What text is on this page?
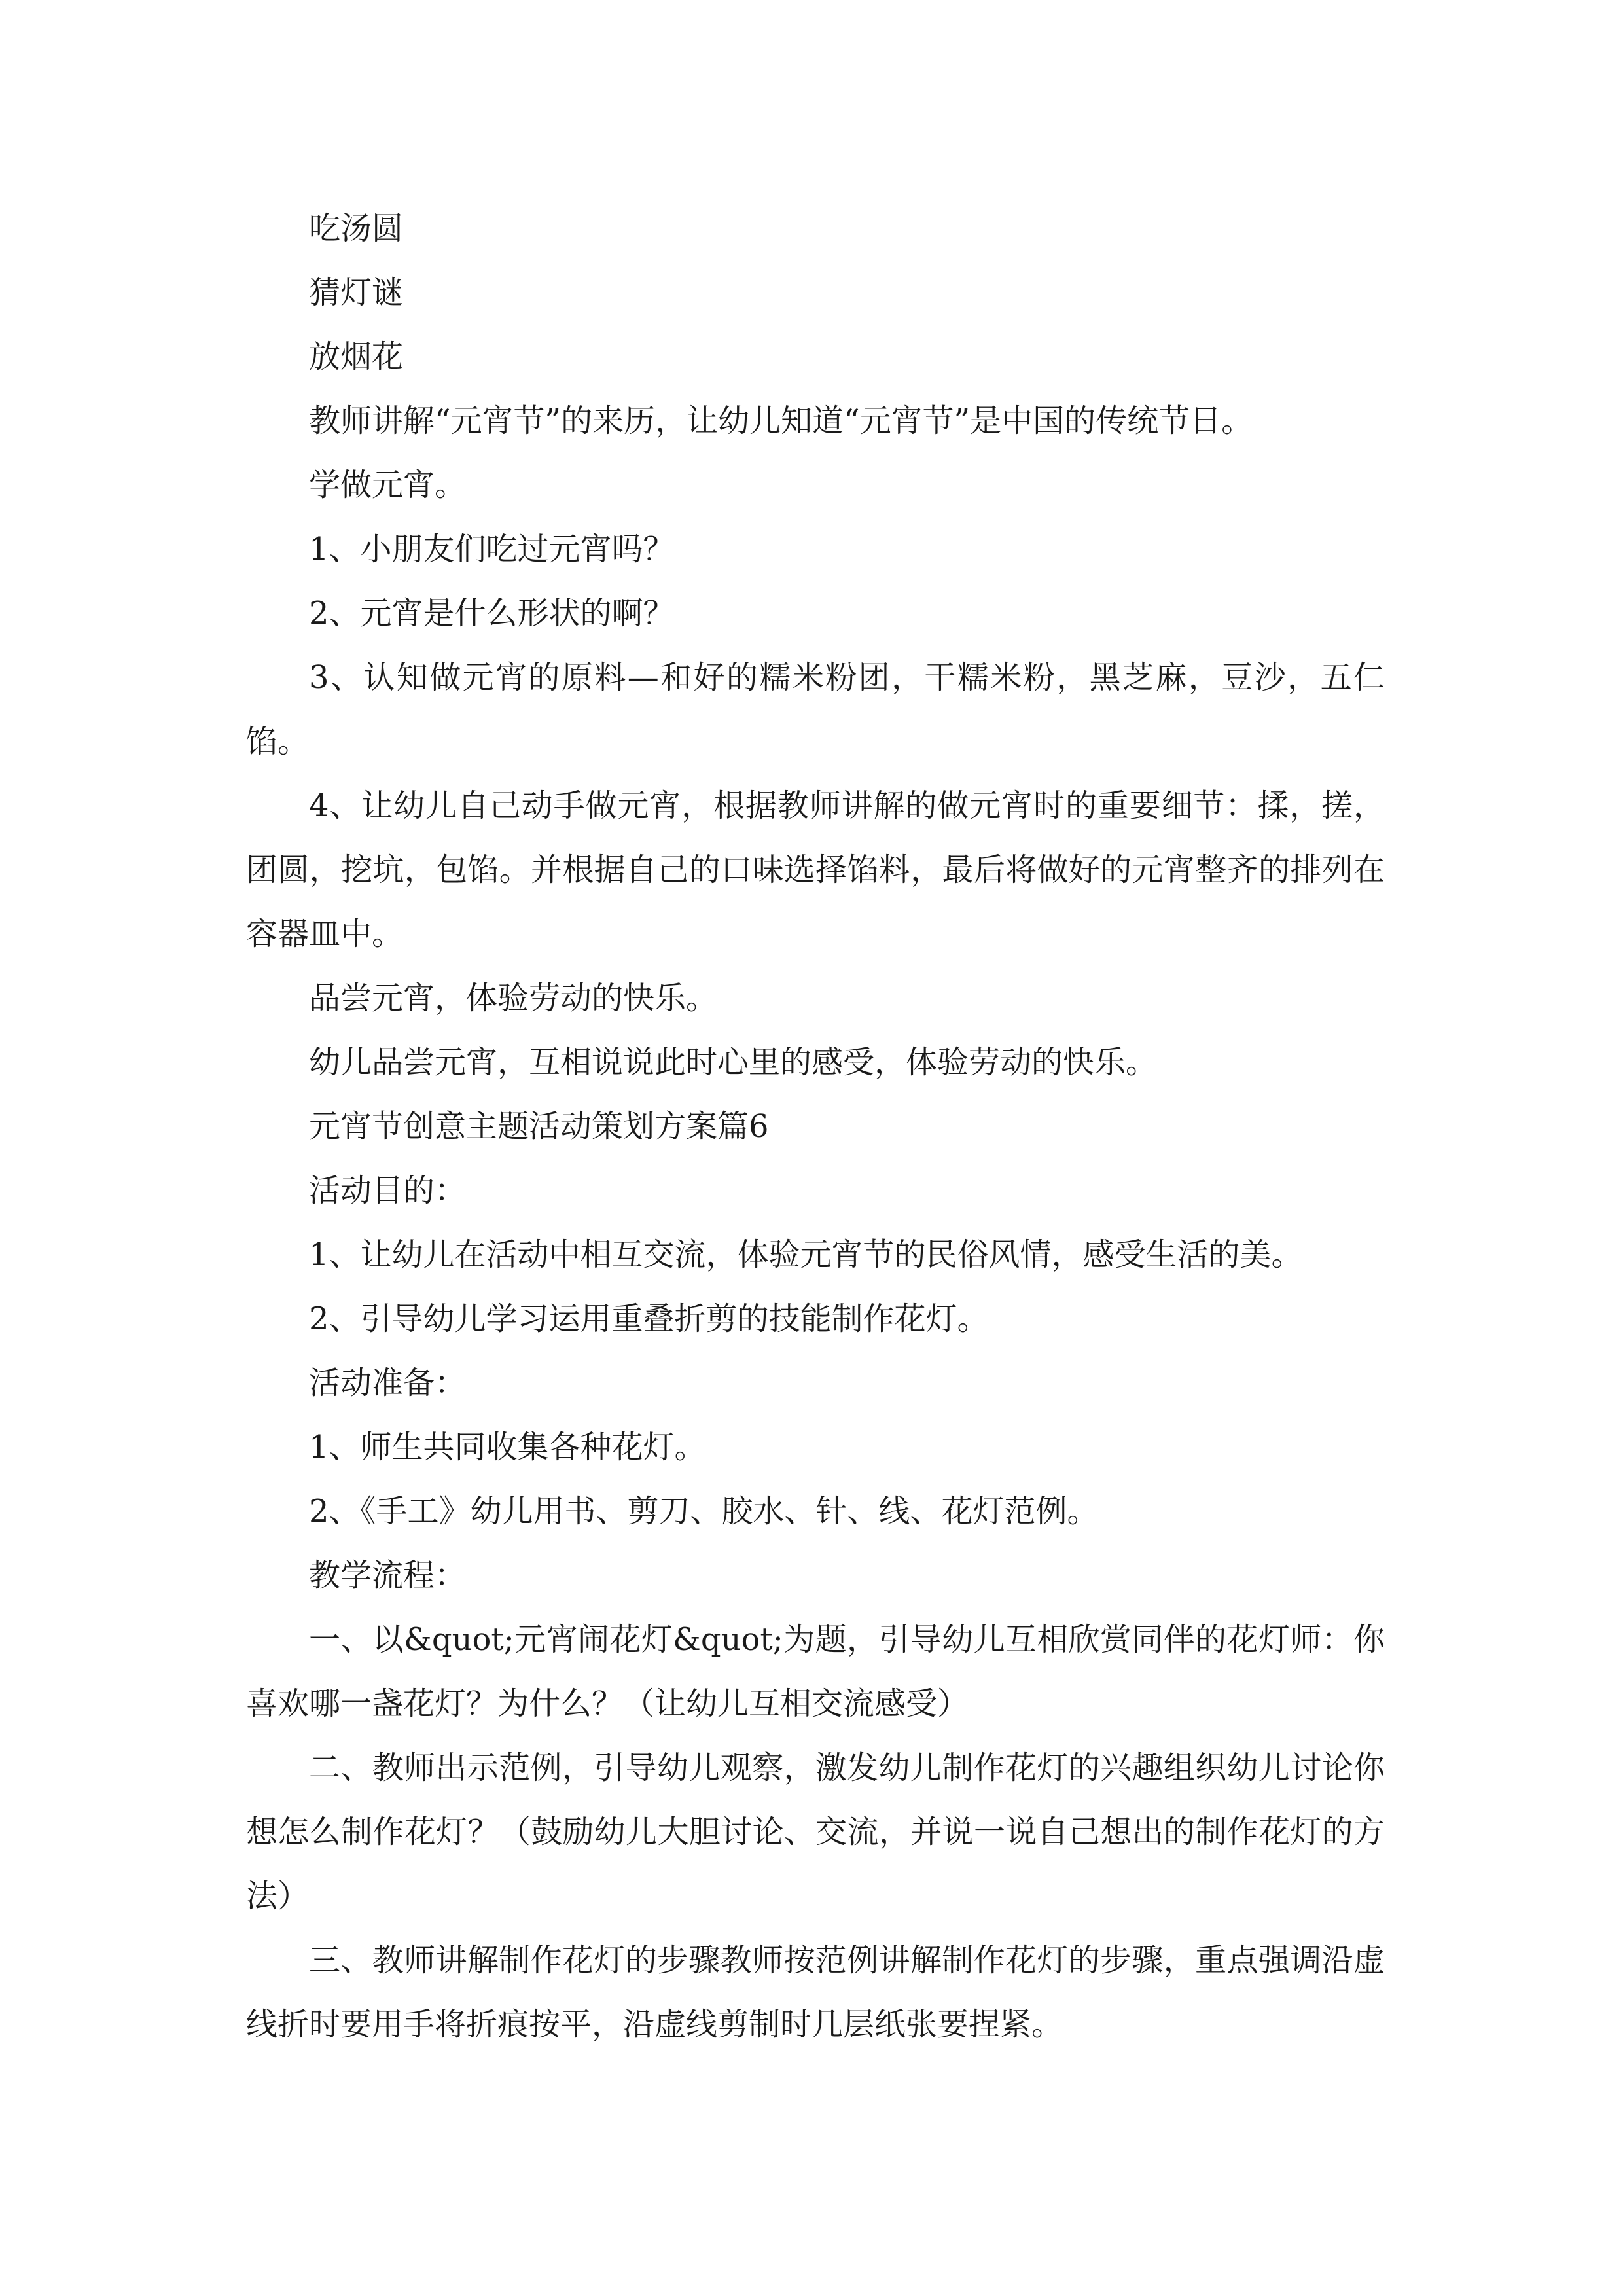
吃汤圆

猜灯谜

放烟花

教师讲解“元宵节”的来历，让幼儿知道“元宵节”是中国的传统节日。

学做元宵。

1、小朋友们吃过元宵吗？

2、元宵是什么形状的啊？

3、认知做元宵的原料—和好的糯米粉团，干糯米粉，黑芝麻，豆沙，五仁馅。

4、让幼儿自己动手做元宵，根据教师讲解的做元宵时的重要细节：揉，搓，团圆，挖坑，包馅。并根据自己的口味选择馅料，最后将做好的元宵整齐的排列在容器皿中。

品尝元宵，体验劳动的快乐。

幼儿品尝元宵，互相说说此时心里的感受，体验劳动的快乐。

元宵节创意主题活动策划方案篇6

活动目的：

1、让幼儿在活动中相互交流，体验元宵节的民俗风情，感受生活的美。

2、引导幼儿学习运用重叠折剪的技能制作花灯。

活动准备：

1、师生共同收集各种花灯。

2、《手工》幼儿用书、剪刀、胶水、针、线、花灯范例。

教学流程：

一、以&quot;元宵闹花灯&quot;为题，引导幼儿互相欣赏同伴的花灯师：你喜欢哪一盏花灯？为什么？（让幼儿互相交流感受）

二、教师出示范例，引导幼儿观察，激发幼儿制作花灯的兴趣组织幼儿讨论你想怎么制作花灯？（鼓励幼儿大胆讨论、交流，并说一说自己想出的制作花灯的方法）

三、教师讲解制作花灯的步骤教师按范例讲解制作花灯的步骤，重点强调沿虚线折时要用手将折痕按平，沿虚线剪制时几层纸张要捏紧。
